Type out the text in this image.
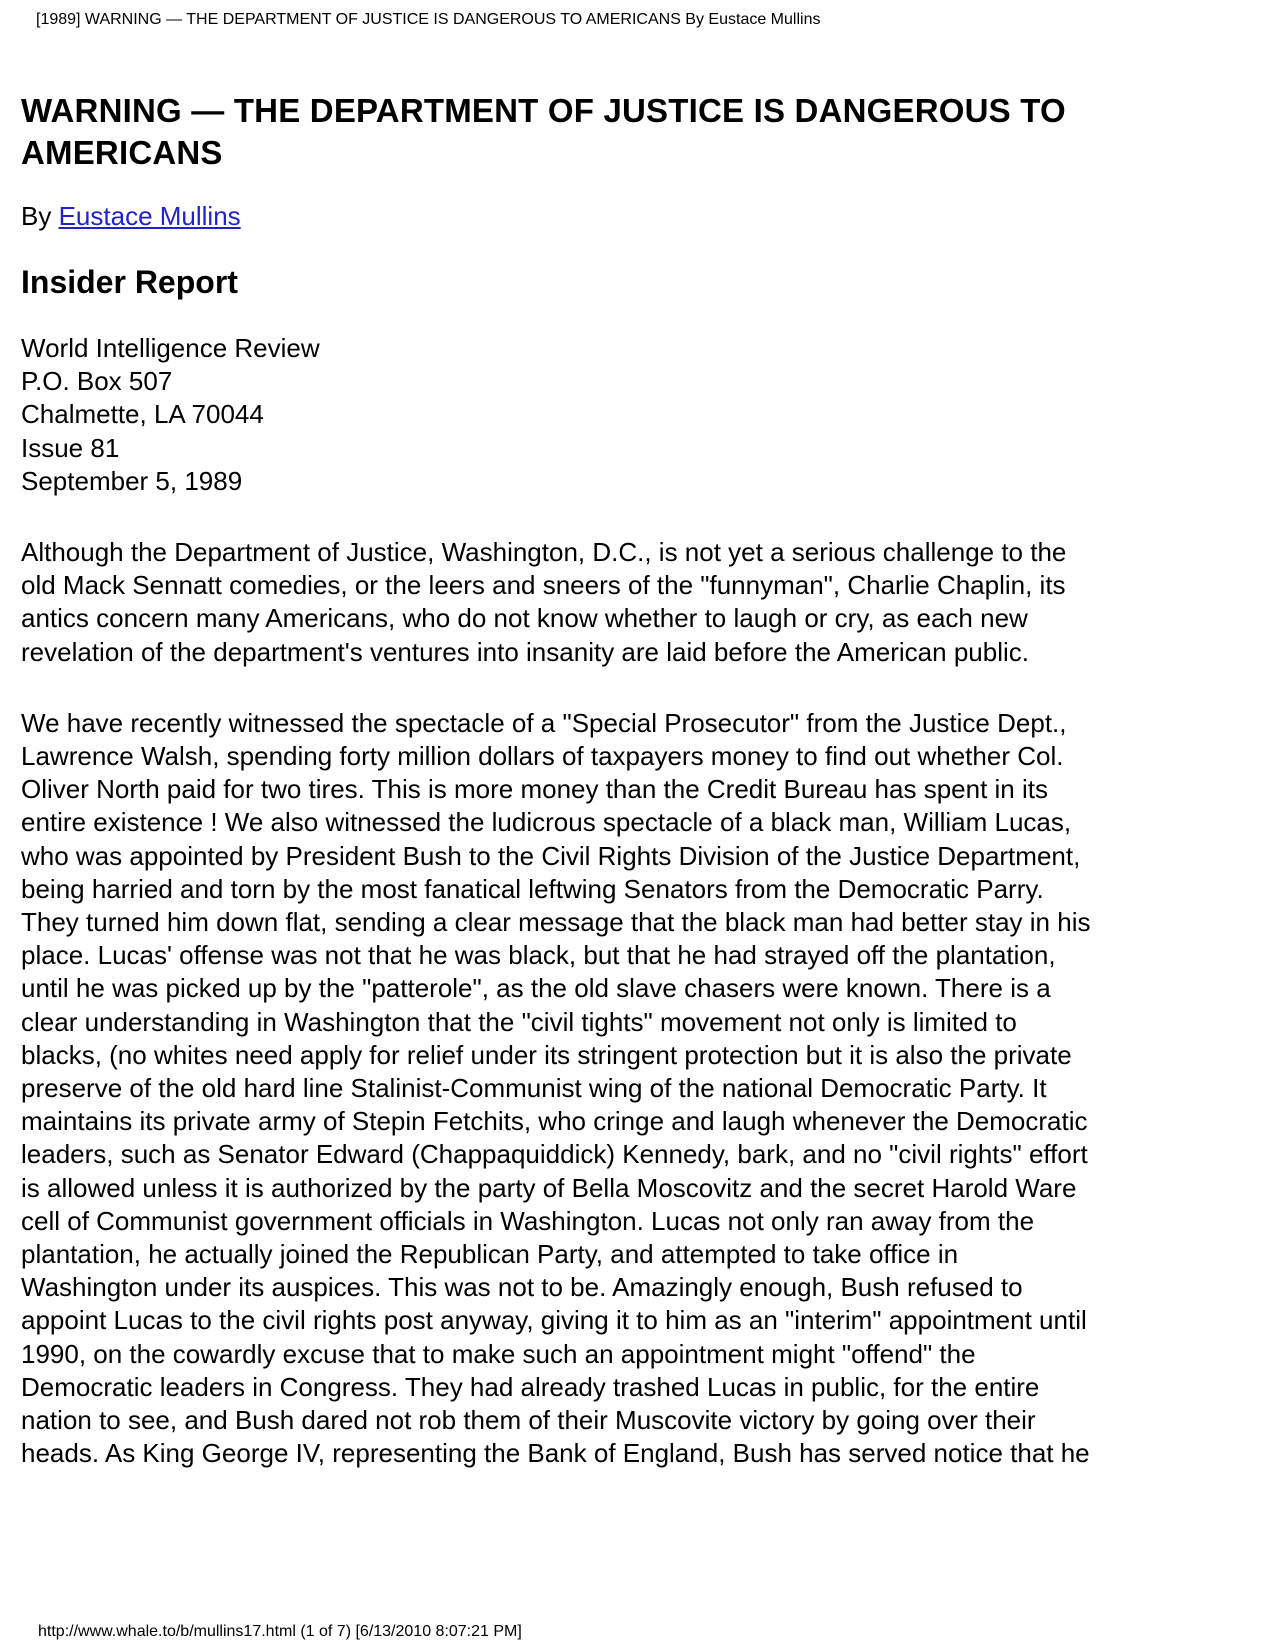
[1989] WARNING — THE DEPARTMENT OF JUSTICE IS DANGEROUS TO AMERICANS By Eustace Mullins
WARNING — THE DEPARTMENT OF JUSTICE IS DANGEROUS TO
AMERICANS
By Eustace Mullins
Insider Report
World Intelligence Review
P.O. Box 507
Chalmette, LA 70044
Issue 81
September 5, 1989
Although the Department of Justice, Washington, D.C., is not yet a serious challenge to the
old Mack Sennatt comedies, or the leers and sneers of the "funnyman", Charlie Chaplin, its
antics concern many Americans, who do not know whether to laugh or cry, as each new
revelation of the department's ventures into insanity are laid before the American public.
We have recently witnessed the spectacle of a "Special Prosecutor" from the Justice Dept.,
Lawrence Walsh, spending forty million dollars of taxpayers money to find out whether Col.
Oliver North paid for two tires. This is more money than the Credit Bureau has spent in its
entire existence ! We also witnessed the ludicrous spectacle of a black man, William Lucas,
who was appointed by President Bush to the Civil Rights Division of the Justice Department,
being harried and torn by the most fanatical leftwing Senators from the Democratic Parry.
They turned him down flat, sending a clear message that the black man had better stay in his
place. Lucas' offense was not that he was black, but that he had strayed off the plantation,
until he was picked up by the "patterole", as the old slave chasers were known. There is a
clear understanding in Washington that the "civil tights" movement not only is limited to
blacks, (no whites need apply for relief under its stringent protection but it is also the private
preserve of the old hard line Stalinist-Communist wing of the national Democratic Party. It
maintains its private army of Stepin Fetchits, who cringe and laugh whenever the Democratic
leaders, such as Senator Edward (Chappaquiddick) Kennedy, bark, and no "civil rights" effort
is allowed unless it is authorized by the party of Bella Moscovitz and the secret Harold Ware
cell of Communist government officials in Washington. Lucas not only ran away from the
plantation, he actually joined the Republican Party, and attempted to take office in
Washington under its auspices. This was not to be. Amazingly enough, Bush refused to
appoint Lucas to the civil rights post anyway, giving it to him as an "interim" appointment until
1990, on the cowardly excuse that to make such an appointment might "offend" the
Democratic leaders in Congress. They had already trashed Lucas in public, for the entire
nation to see, and Bush dared not rob them of their Muscovite victory by going over their
heads. As King George IV, representing the Bank of England, Bush has served notice that he
http://www.whale.to/b/mullins17.html (1 of 7) [6/13/2010 8:07:21 PM]
